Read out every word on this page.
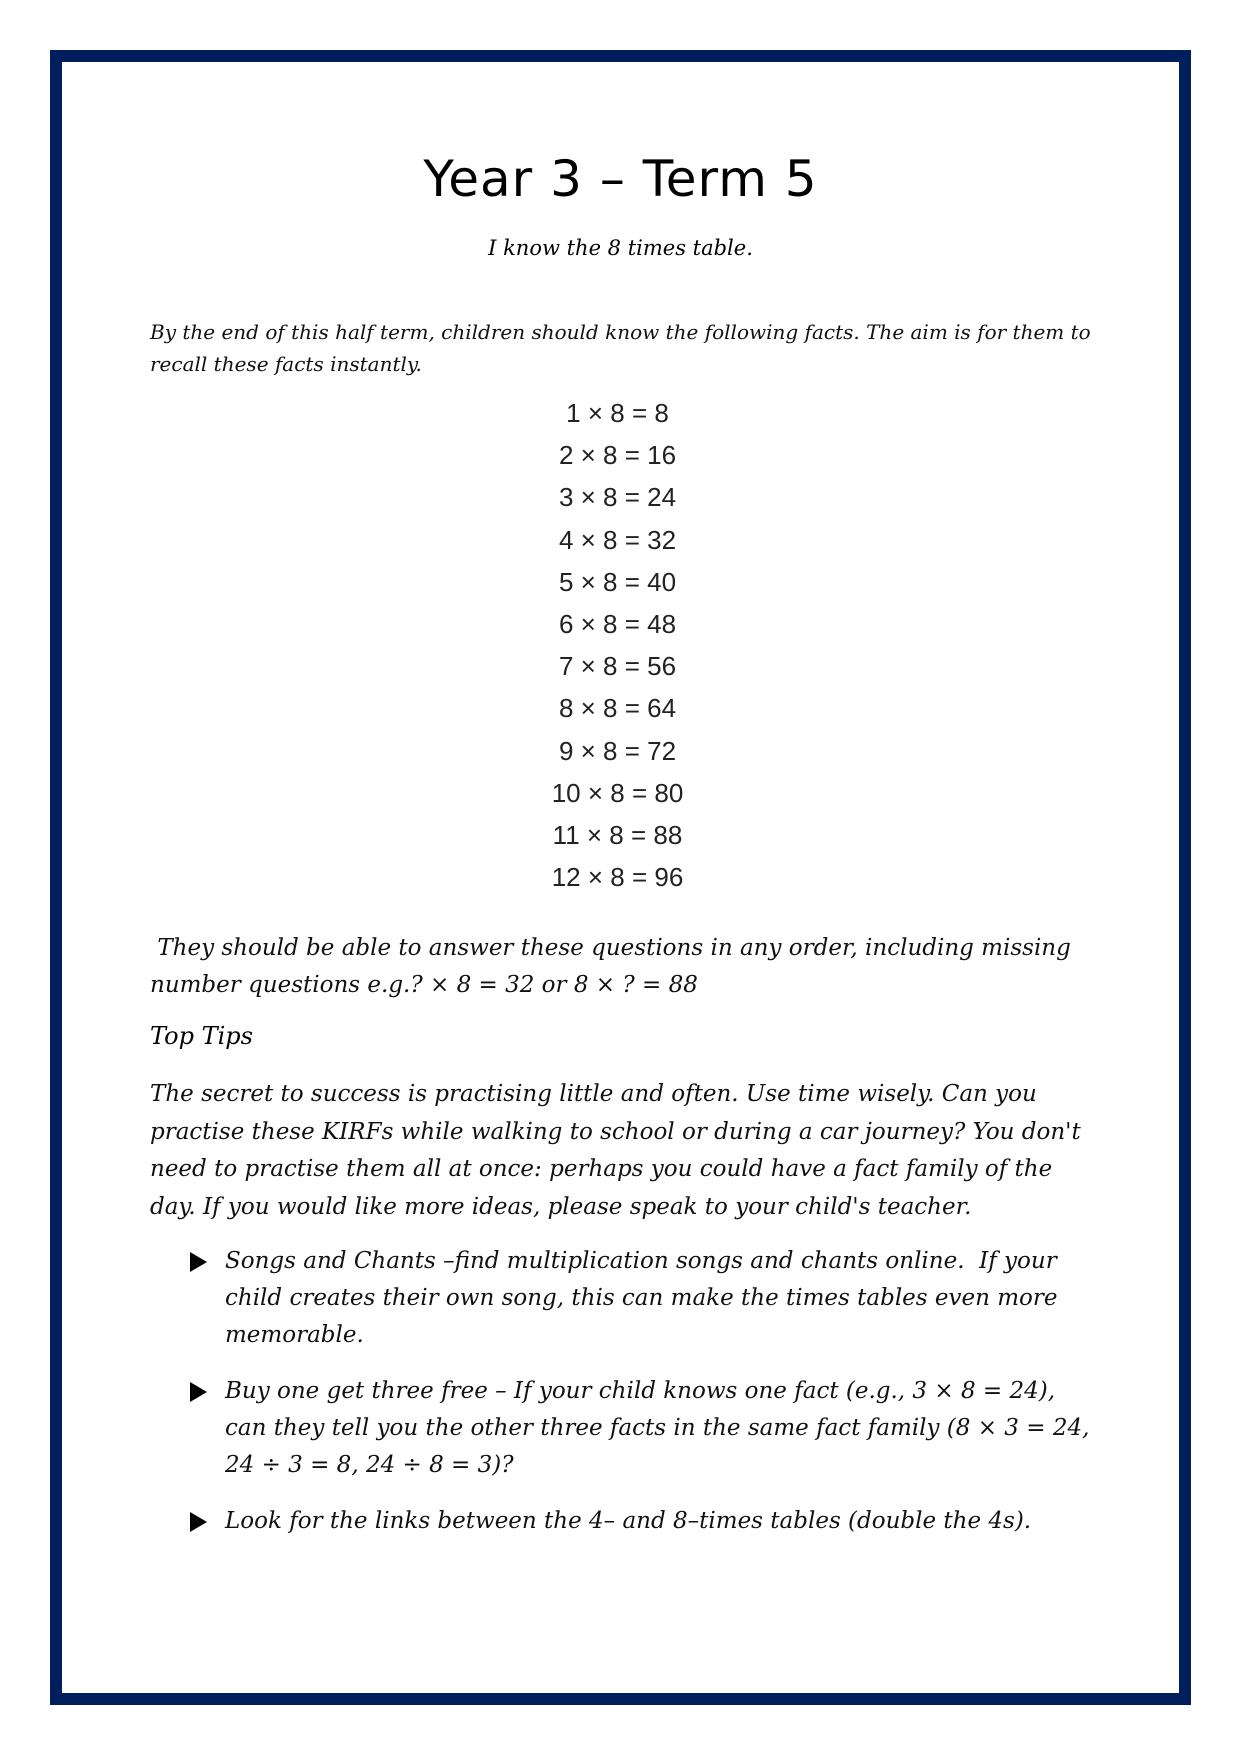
Year 3 – Term 5
I know the 8 times table.

By the end of this half term, children should know the following facts. The aim is for them to recall these facts instantly.

1 × 8 = 8
2 × 8 = 16
3 × 8 = 24
4 × 8 = 32
5 × 8 = 40
6 × 8 = 48
7 × 8 = 56
8 × 8 = 64
9 × 8 = 72
10 × 8 = 80
11 × 8 = 88
12 × 8 = 96

They should be able to answer these questions in any order, including missing number questions e.g.? × 8 = 32 or 8 × ? = 88

Top Tips

The secret to success is practising little and often. Use time wisely. Can you practise these KIRFs while walking to school or during a car journey? You don't need to practise them all at once: perhaps you could have a fact family of the day. If you would like more ideas, please speak to your child's teacher.

Songs and Chants –find multiplication songs and chants online.  If your child creates their own song, this can make the times tables even more memorable.
Buy one get three free – If your child knows one fact (e.g., 3 × 8 = 24), can they tell you the other three facts in the same fact family (8 × 3 = 24, 24 ÷ 3 = 8, 24 ÷ 8 = 3)?
Look for the links between the 4– and 8–times tables (double the 4s).
